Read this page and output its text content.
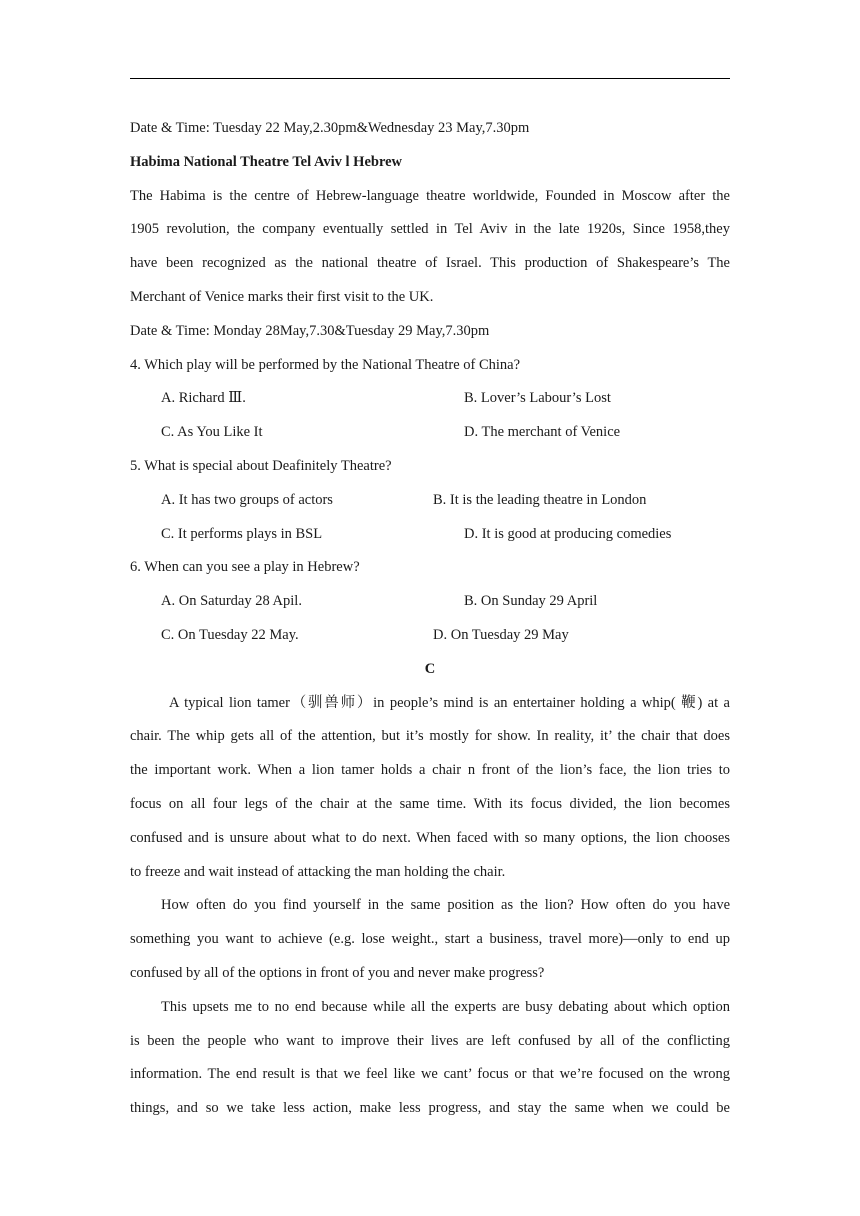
Date & Time: Tuesday 22 May,2.30pm&Wednesday 23 May,7.30pm
Habima National Theatre Tel Aviv l Hebrew
The Habima is the centre of Hebrew-language theatre worldwide, Founded in Moscow after the
1905 revolution, the company eventually settled in Tel Aviv in the late 1920s, Since 1958,they
have been recognized as the national theatre of Israel. This production of Shakespeare’s The
Merchant of Venice marks their first visit to the UK.
Date & Time: Monday 28May,7.30&Tuesday 29 May,7.30pm
4. Which play will be performed by the National Theatre of China?
A. Richard Ⅲ.	B. Lover’s Labour’s Lost
C. As You Like It	D. The merchant of Venice
5. What is special about Deafinitely Theatre?
A. It has two groups of actors	B. It is the leading theatre in London
C. It performs plays in BSL	D. It is good at producing comedies
6. When can you see a play in Hebrew?
A. On Saturday 28 Apil.	B. On Sunday 29 April
C. On Tuesday 22 May.	D. On Tuesday 29 May
C
A typical lion tamer（驯兽师）in people’s mind is an entertainer holding a whip( 鞭) at a
chair. The whip gets all of the attention, but it’s mostly for show. In reality, it’ the chair that does
the important work. When a lion tamer holds a chair n front of the lion’s face, the lion tries to
focus on all four legs of the chair at the same time. With its focus divided, the lion becomes
confused and is unsure about what to do next. When faced with so many options, the lion chooses
to freeze and wait instead of attacking the man holding the chair.
How often do you find yourself in the same position as the lion? How often do you have
something you want to achieve (e.g. lose weight., start a business, travel more)—only to end up
confused by all of the options in front of you and never make progress?
This upsets me to no end because while all the experts are busy debating about which option
is been the people who want to improve their lives are left confused by all of the conflicting
information. The end result is that we feel like we cant’ focus or that we’re focused on the wrong
things, and so we take less action, make less progress, and stay the same when we could be
